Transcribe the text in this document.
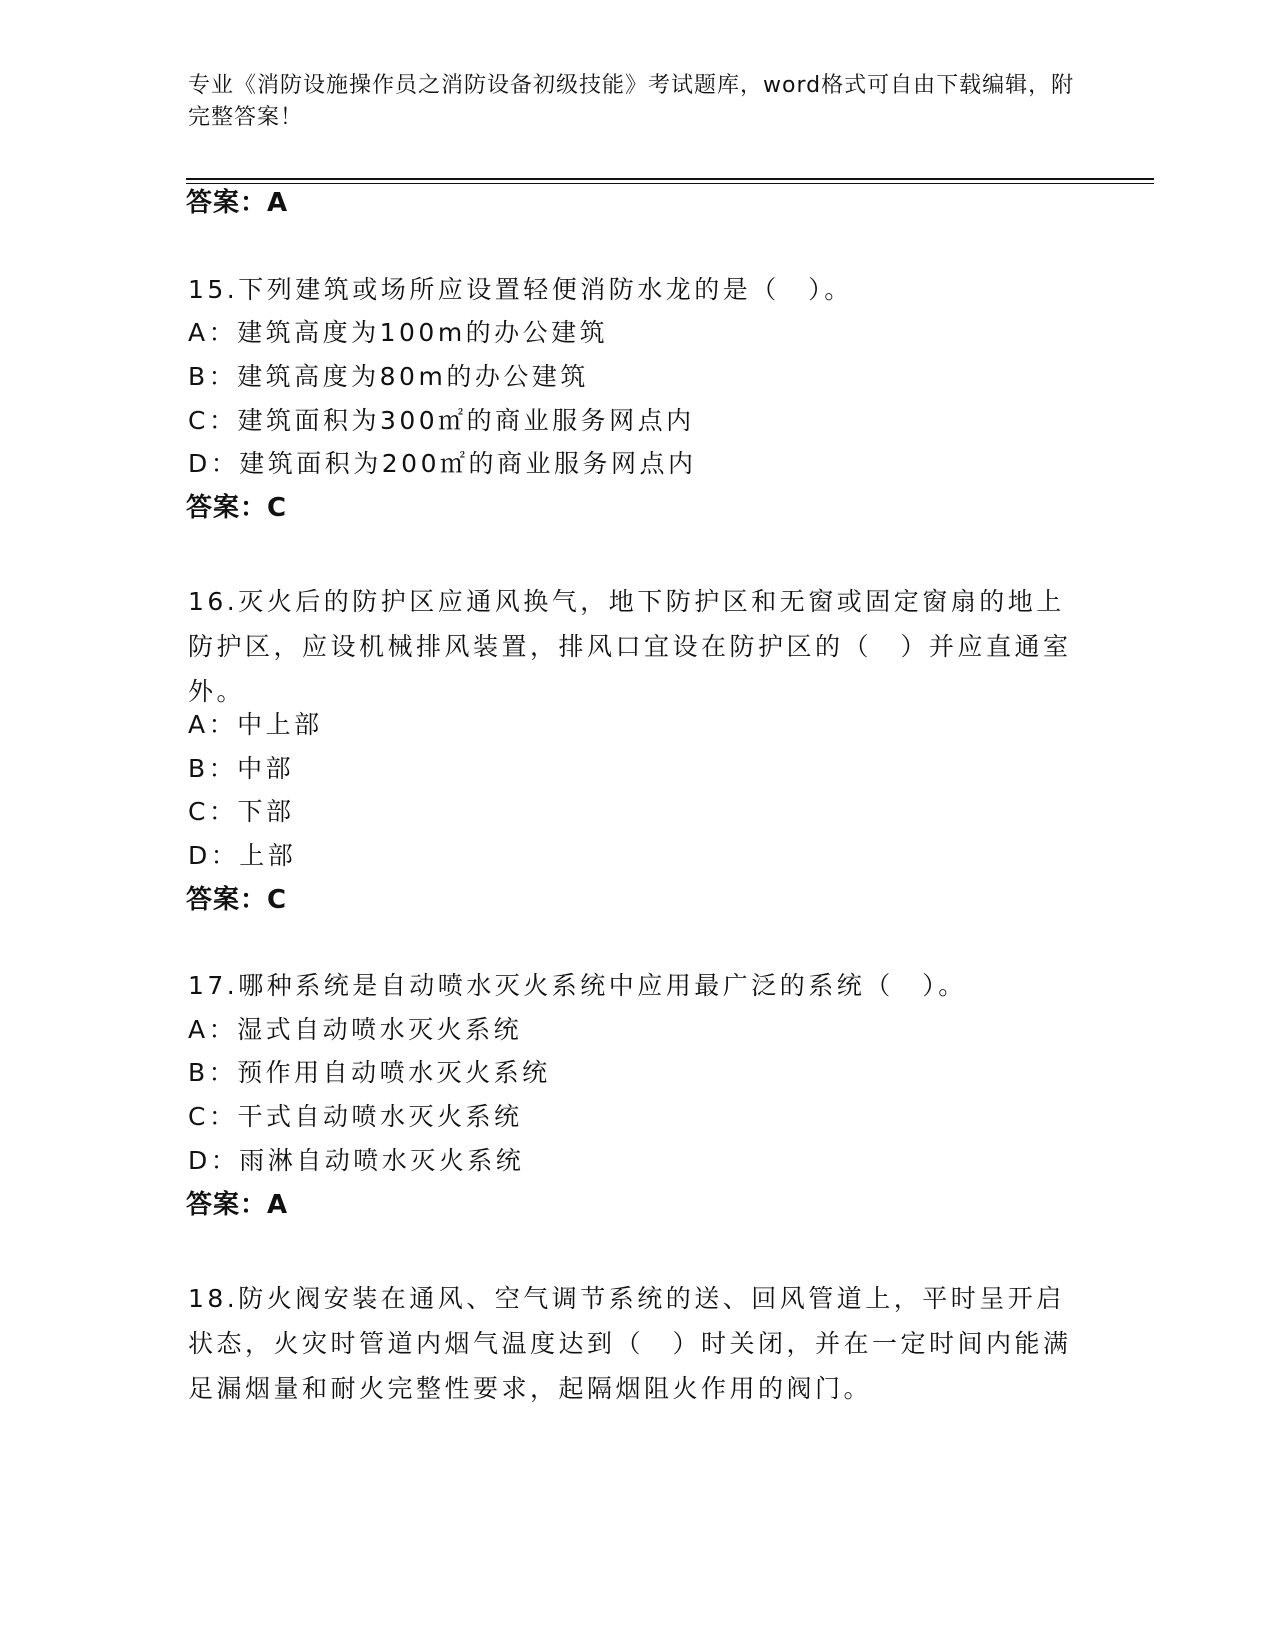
专业《消防设施操作员之消防设备初级技能》考试题库，word格式可自由下载编辑，附完整答案！
答案：A
15.下列建筑或场所应设置轻便消防水龙的是（　）。
A：建筑高度为100m的办公建筑
B：建筑高度为80m的办公建筑
C：建筑面积为300㎡的商业服务网点内
D：建筑面积为200㎡的商业服务网点内
答案：C
16.灭火后的防护区应通风换气，地下防护区和无窗或固定窗扇的地上防护区，应设机械排风装置，排风口宜设在防护区的（　）并应直通室外。
A：中上部
B：中部
C：下部
D：上部
答案：C
17.哪种系统是自动喷水灭火系统中应用最广泛的系统（　）。
A：湿式自动喷水灭火系统
B：预作用自动喷水灭火系统
C：干式自动喷水灭火系统
D：雨淋自动喷水灭火系统
答案：A
18.防火阀安装在通风、空气调节系统的送、回风管道上，平时呈开启状态，火灾时管道内烟气温度达到（　）时关闭，并在一定时间内能满足漏烟量和耐火完整性要求，起隔烟阻火作用的阀门。
